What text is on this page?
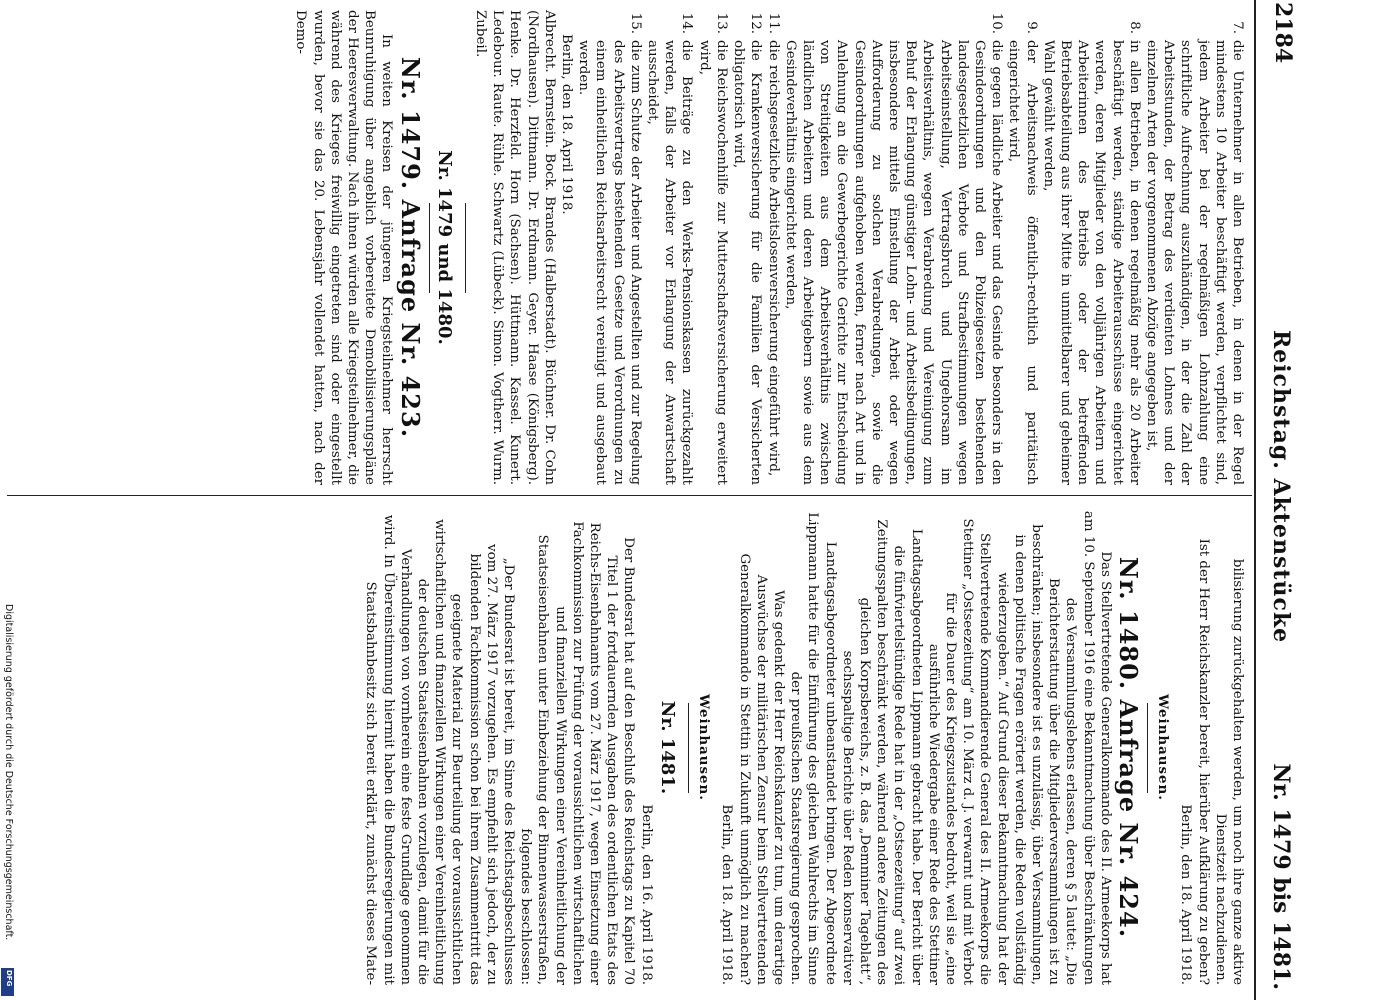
2184
Reichstag. Aktenstücke
Nr. 1479 bis 1481.
7.
die Unternehmer in allen Betrieben, in denen in der Regel mindestens 10 Arbeiter beschäftigt werden, verpflichtet sind, jedem Arbeiter bei der regelmäßigen Lohnzahlung eine schriftliche Aufrechnung auszuhändigen, in der die Zahl der Arbeitsstunden, der Betrag des verdienten Lohnes und der einzelnen Arten der vorgenommenen Abzüge angegeben ist,
8.
in allen Betrieben, in denen regelmäßig mehr als 20 Arbeiter beschäftigt werden, ständige Arbeiterausschüsse eingerichtet werden, deren Mitglieder von den volljährigen Arbeitern und Arbeiterinnen des Betriebs oder der betreffenden Betriebsabteilung aus ihrer Mitte in unmittelbarer und geheimer Wahl gewählt werden,
9.
der Arbeitsnachweis öffentlich-rechtlich und paritätisch eingerichtet wird,
10.
die gegen ländliche Arbeiter und das Gesinde besonders in den Gesindeordnungen und den Polizeigesetzen bestehenden landesgesetzlichen Verbote und Strafbestimmungen wegen Arbeitseinstellung, Vertragsbruch und Ungehorsam im Arbeitsverhältnis, wegen Verabredung und Vereinigung zum Behuf der Erlangung günstiger Lohn- und Arbeitsbedingungen, insbesondere mittels Einstellung der Arbeit oder wegen Aufforderung zu solchen Verabredungen, sowie die Gesindeordnungen aufgehoben werden, ferner nach Art und in Anlehnung an die Gewerbegerichte Gerichte zur Entscheidung von Streitigkeiten aus dem Arbeitsverhältnis zwischen ländlichen Arbeitern und deren Arbeitgebern sowie aus dem Gesindeverhältnis eingerichtet werden,
11.
die reichsgesetzliche Arbeitslosenversicherung eingeführt wird,
12.
die Krankenversicherung für die Familien der Versicherten obligatorisch wird,
13.
die Reichswochenhilfe zur Mutterschaftsversicherung erweitert wird,
14.
die Beiträge zu den Werks-Pensionskassen zurückgezahlt werden, falls der Arbeiter vor Erlangung der Anwartschaft ausscheidet,
15.
die zum Schutze der Arbeiter und Angestellten und zur Regelung des Arbeitsvertrags bestehenden Gesetze und Verordnungen zu einem einheitlichen Reichsarbeitsrecht vereinigt und ausgebaut werden.

Berlin, den 18. April 1918.

Albrecht. Bernstein. Bock. Brandes (Halberstadt). Büchner. Dr. Cohn (Nordhausen). Dittmann. Dr. Erdmann. Geyer. Haase (Königsberg). Henke. Dr. Herzfeld. Horn (Sachsen). Hüttmann. Kassel. Kunert. Ledebour. Raute. Rühle. Schwartz (Lübeck). Simon. Vogtherr. Wurm. Zubeil.

Nr. 1479 und 1480.
Nr. 1479. Anfrage Nr. 423.

In weiten Kreisen der jüngeren Kriegsteilnehmer herrscht Beunruhigung über angeblich vorbereitete Demobilisierungspläne der Heeresverwaltung. Nach ihnen würden alle Kriegsteilnehmer, die während des Krieges freiwillig eingetreten sind oder eingestellt wurden, bevor sie das 20. Lebensjahr vollendet hatten, nach der Demo-

bilisierung zurückgehalten werden, um noch ihre ganze aktive Dienstzeit nachzudienen.

Ist der Herr Reichskanzler bereit, hierüber Aufklärung zu geben?

Berlin, den 18. April 1918.

Weinhausen.
Nr. 1480. Anfrage Nr. 424.

Das Stellvertretende Generalkommando des II. Armeekorps hat am 10. September 1916 eine Bekanntmachung über Beschränkungen des Versammlungslebens erlassen, deren § 5 lautet: „Die Berichterstattung über die Mitgliederversammlungen ist zu beschränken; insbesondere ist es unzulässig, über Versammlungen, in denen politische Fragen erörtert werden, die Reden vollständig wiederzugeben.“ Auf Grund dieser Bekanntmachung hat der Stellvertretende Kommandierende General des II. Armeekorps die Stettiner „Ostseezeitung“ am 10. März d. J. verwarnt und mit Verbot für die Dauer des Kriegszustandes bedroht, weil sie „eine ausführliche Wiedergabe einer Rede des Stettiner Landtagsabgeordneten Lippmann gebracht habe. Der Bericht über die fünfviertelstündige Rede hat in der „Ostseezeitung“ auf zwei Zeitungsspalten beschränkt werden, während andere Zeitungen des gleichen Korpsbereichs, z. B. das „Demminer Tageblatt“, sechsspaltige Berichte über Reden konservativer Landtagsabgeordneter unbeanstandet bringen. Der Abgeordnete Lippmann hatte für die Einführung des gleichen Wahlrechts im Sinne der preußischen Staatsregierung gesprochen.

Was gedenkt der Herr Reichskanzler zu tun, um derartige Auswüchse der militärischen Zensur beim Stellvertretenden Generalkommando in Stettin in Zukunft unmöglich zu machen?

Berlin, den 18. April 1918.

Weinhausen.
Nr. 1481.

Berlin, den 16. April 1918.

Der Bundesrat hat auf den Beschluß des Reichstags zu Kapitel 70 Titel 1 der fortdauernden Ausgaben des ordentlichen Etats des Reichs-Eisenbahnamts vom 27. März 1917, wegen Einsetzung einer Fachkommission zur Prüfung der voraussichtlichen wirtschaftlichen und finanziellen Wirkungen einer Vereinheitlichung der Staatseisenbahnen unter Einbeziehung der Binnenwasserstraßen, folgendes beschlossen:

„Der Bundesrat ist bereit, im Sinne des Reichstagsbeschlusses vom 27. März 1917 vorzugehen. Es empfiehlt sich jedoch, der zu bildenden Fachkommission schon bei ihrem Zusammentritt das geeignete Material zur Beurteilung der voraussichtlichen wirtschaftlichen und finanziellen Wirkungen einer Vereinheitlichung der deutschen Staatseisenbahnen vorzulegen, damit für die Verhandlungen von vornherein eine feste Grundlage genommen wird. In Übereinstimmung hiermit haben die Bundesregierungen mit Staatsbahnbesitz sich bereit erklärt, zunächst dieses Mate-

Digitalisierung gefördert durch die Deutsche Forschungsgemeinschaft.
DFG
